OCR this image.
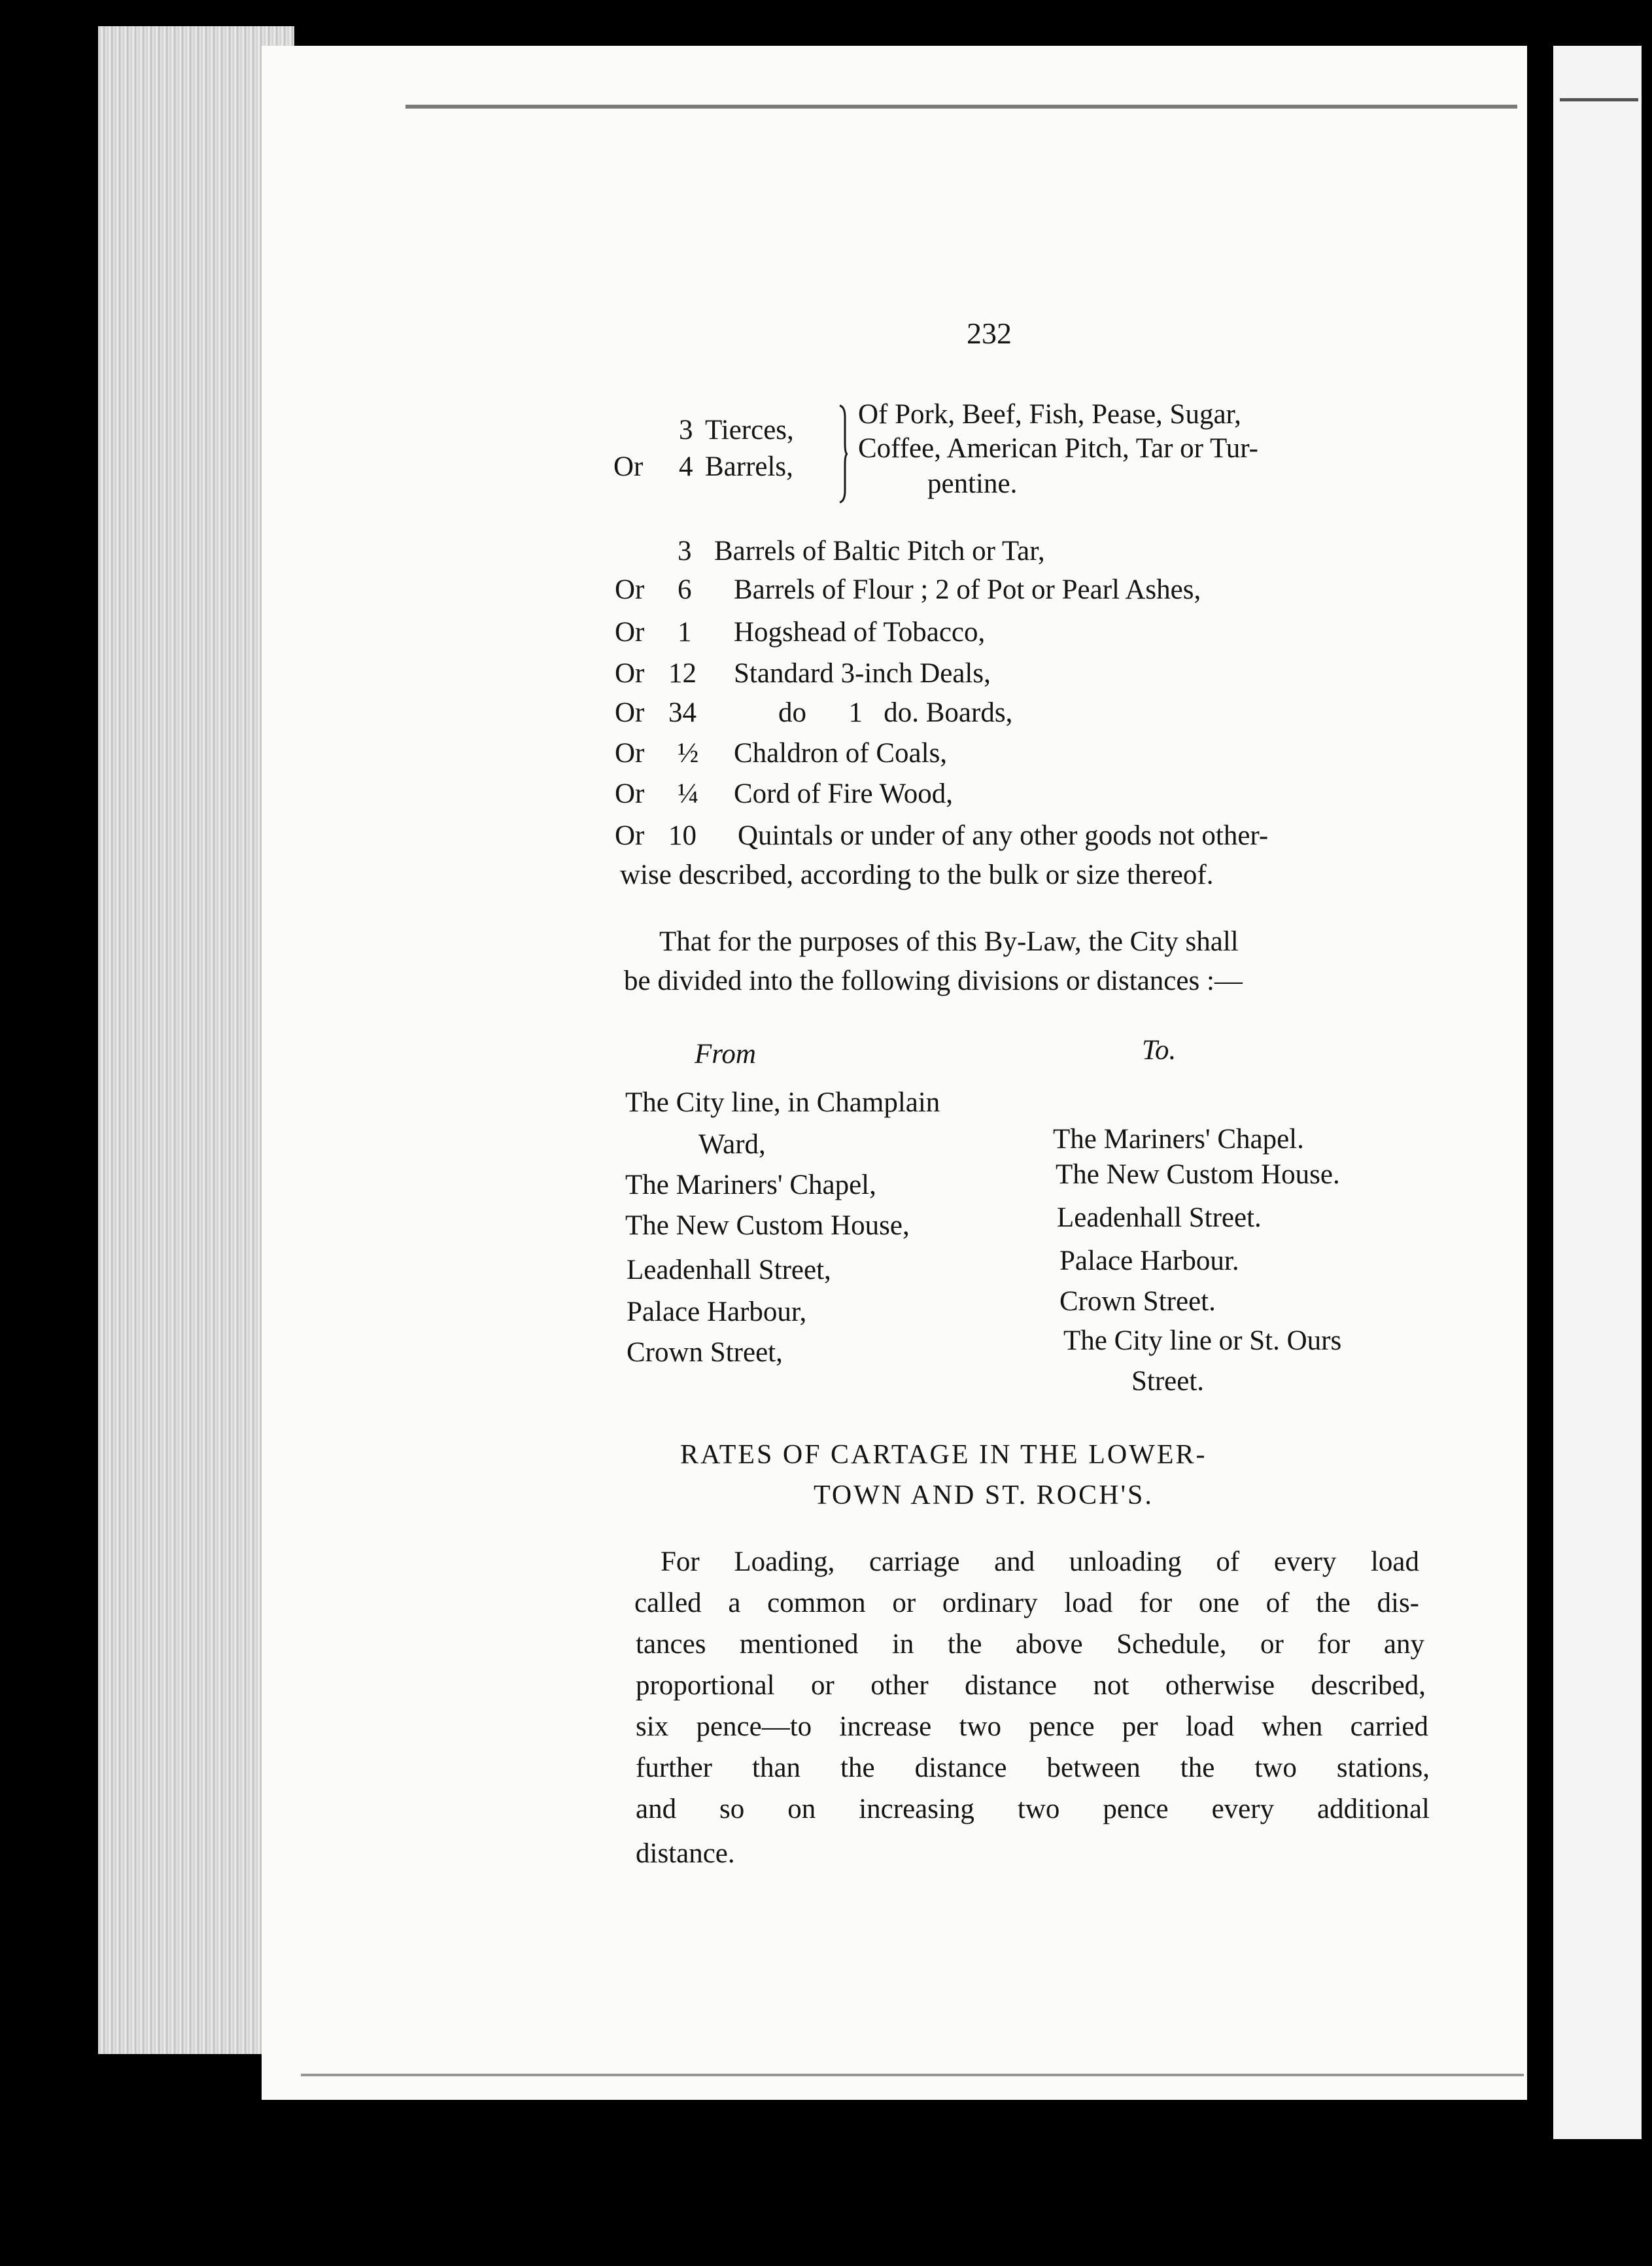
232
3 Tierces,
Or 4 Barrels,
Of Pork, Beef, Fish, Pease, Sugar,
Coffee, American Pitch, Tar or Tur-
pentine.
3 Barrels of Baltic Pitch or Tar,
Or 6 Barrels of Flour ; 2 of Pot or Pearl Ashes,
Or 1 Hogshead of Tobacco,
Or 12 Standard 3-inch Deals,
Or 34	do      1   do. Boards,
Or ½ Chaldron of Coals,
Or ¼ Cord of Fire Wood,
Or 10 Quintals or under of any other goods not other-
wise described, according to the bulk or size thereof.
That for the purposes of this By-Law, the City shall
be divided into the following divisions or distances :—
From	To.
The City line, in Champlain
Ward,
The Mariners' Chapel,
The New Custom House,
Leadenhall Street,
Palace Harbour,
Crown Street,
The Mariners' Chapel.
The New Custom House.
Leadenhall Street.
Palace Harbour.
Crown Street.
The City line or St. Ours
Street.
RATES OF CARTAGE IN THE LOWER-
TOWN AND ST. ROCH'S.
For Loading, carriage and unloading of every load
called a common or ordinary load for one of the dis-
tances mentioned in the above Schedule, or for any
proportional or other distance not otherwise described,
six pence—to increase two pence per load when carried
further than the distance between the two stations,
and so on increasing two pence every additional
distance.
